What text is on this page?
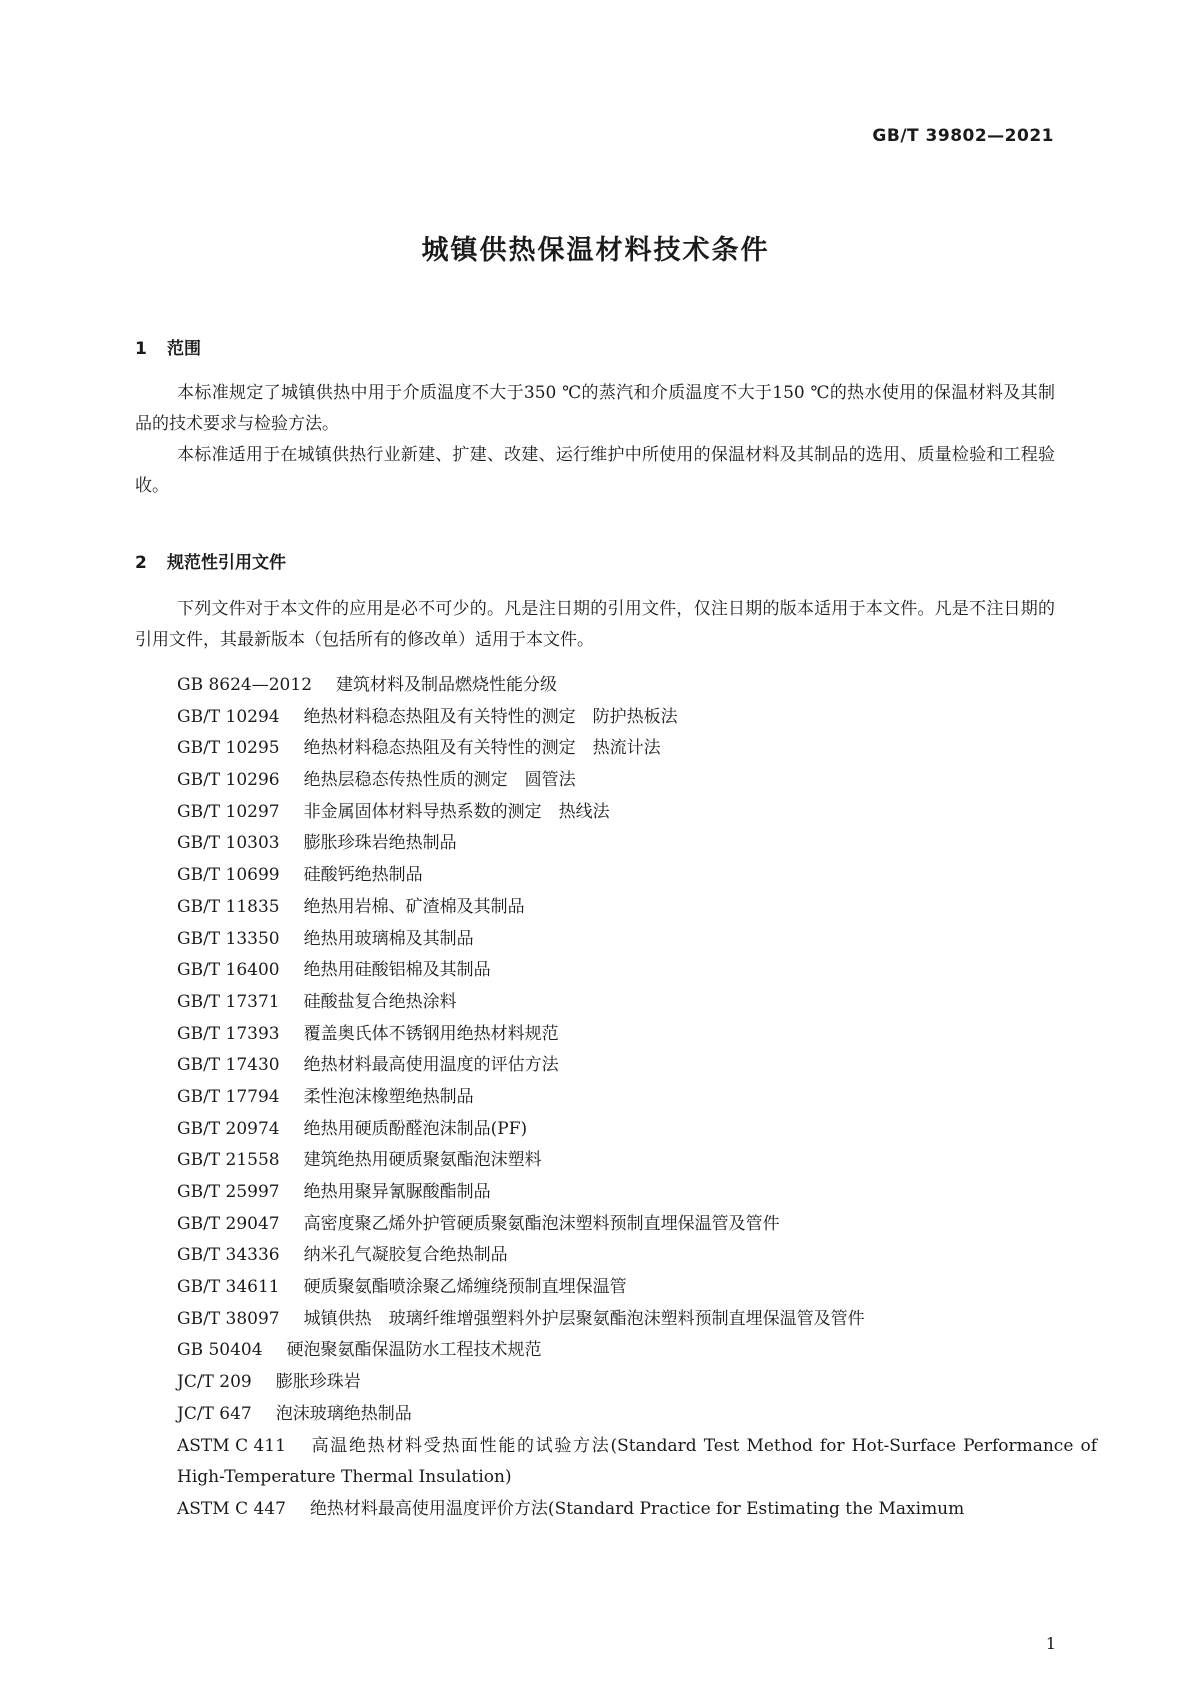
GB/T 39802—2021
城镇供热保温材料技术条件
1 范围

本标准规定了城镇供热中用于介质温度不大于350 ℃的蒸汽和介质温度不大于150 ℃的热水使用的保温材料及其制品的技术要求与检验方法。

本标准适用于在城镇供热行业新建、扩建、改建、运行维护中所使用的保温材料及其制品的选用、质量检验和工程验收。

2 规范性引用文件

下列文件对于本文件的应用是必不可少的。凡是注日期的引用文件，仅注日期的版本适用于本文件。凡是不注日期的引用文件，其最新版本（包括所有的修改单）适用于本文件。

GB 8624—2012 建筑材料及制品燃烧性能分级
GB/T 10294 绝热材料稳态热阻及有关特性的测定　防护热板法
GB/T 10295 绝热材料稳态热阻及有关特性的测定　热流计法
GB/T 10296 绝热层稳态传热性质的测定　圆管法
GB/T 10297 非金属固体材料导热系数的测定　热线法
GB/T 10303 膨胀珍珠岩绝热制品
GB/T 10699 硅酸钙绝热制品
GB/T 11835 绝热用岩棉、矿渣棉及其制品
GB/T 13350 绝热用玻璃棉及其制品
GB/T 16400 绝热用硅酸铝棉及其制品
GB/T 17371 硅酸盐复合绝热涂料
GB/T 17393 覆盖奥氏体不锈钢用绝热材料规范
GB/T 17430 绝热材料最高使用温度的评估方法
GB/T 17794 柔性泡沫橡塑绝热制品
GB/T 20974 绝热用硬质酚醛泡沫制品(PF)
GB/T 21558 建筑绝热用硬质聚氨酯泡沫塑料
GB/T 25997 绝热用聚异氰脲酸酯制品
GB/T 29047 高密度聚乙烯外护管硬质聚氨酯泡沫塑料预制直埋保温管及管件
GB/T 34336 纳米孔气凝胶复合绝热制品
GB/T 34611 硬质聚氨酯喷涂聚乙烯缠绕预制直埋保温管
GB/T 38097 城镇供热　玻璃纤维增强塑料外护层聚氨酯泡沫塑料预制直埋保温管及管件
GB 50404 硬泡聚氨酯保温防水工程技术规范
JC/T 209 膨胀珍珠岩
JC/T 647 泡沫玻璃绝热制品
ASTM C 411 高温绝热材料受热面性能的试验方法(Standard Test Method for Hot-Surface Performance of High-Temperature Thermal Insulation)
ASTM C 447 绝热材料最高使用温度评价方法(Standard Practice for Estimating the Maximum
1
